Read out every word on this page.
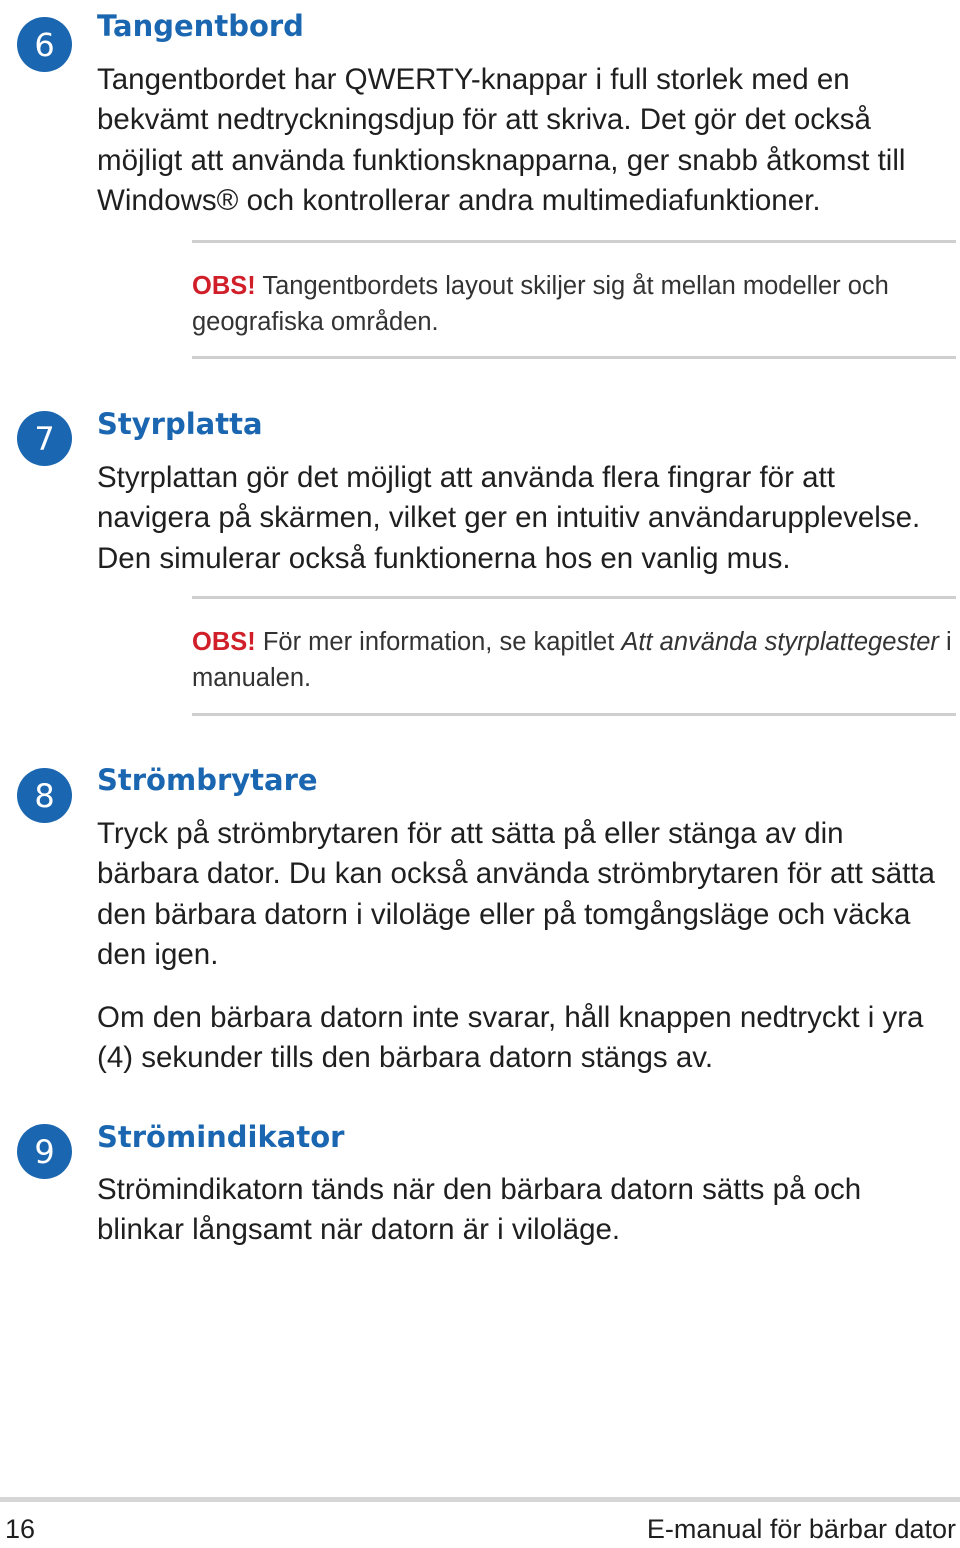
6	Tangentbord

Tangentbordet har QWERTY-knappar i full storlek med en bekvämt nedtryckningsdjup för att skriva. Det gör det också möjligt att använda funktionsknapparna, ger snabb åtkomst till Windows® och kontrollerar andra multimediafunktioner.

OBS! Tangentbordets layout skiljer sig åt mellan modeller och geografiska områden.

7	Styrplatta

Styrplattan gör det möjligt att använda flera fingrar för att navigera på skärmen, vilket ger en intuitiv användarupplevelse. Den simulerar också funktionerna hos en vanlig mus.

OBS! För mer information, se kapitlet Att använda styrplattegester i manualen.

8	Strömbrytare

Tryck på strömbrytaren för att sätta på eller stänga av din bärbara dator. Du kan också använda strömbrytaren för att sätta den bärbara datorn i viloläge eller på tomgångsläge och väcka den igen.

Om den bärbara datorn inte svarar, håll knappen nedtryckt i yra (4) sekunder tills den bärbara datorn stängs av.

9	Strömindikator

Strömindikatorn tänds när den bärbara datorn sätts på och blinkar långsamt när datorn är i viloläge.

16	E-manual för bärbar dator
